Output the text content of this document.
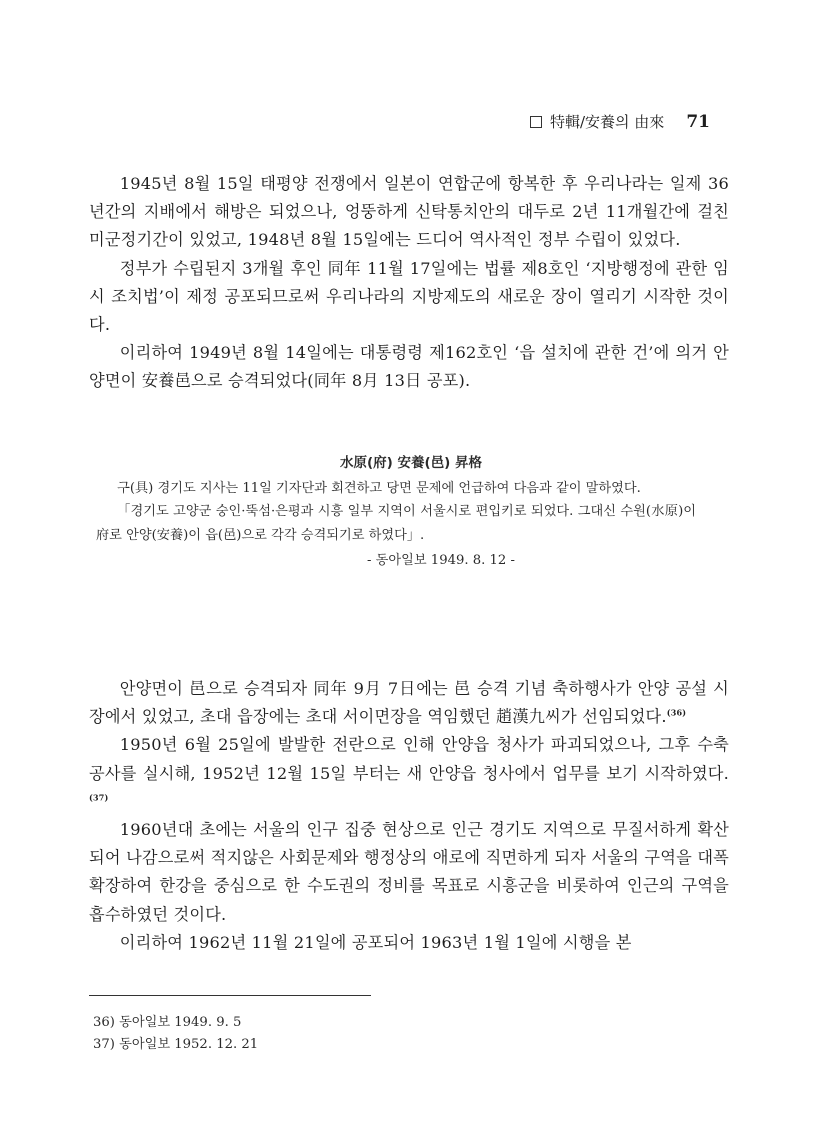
特輯/安養의 由來 71

1945년 8월 15일 태평양 전쟁에서 일본이 연합군에 항복한 후 우리나라는 일제 36년간의 지배에서 해방은 되었으나, 엉뚱하게 신탁통치안의 대두로 2년 11개월간에 걸친 미군정기간이 있었고, 1948년 8월 15일에는 드디어 역사적인 정부 수립이 있었다.

정부가 수립된지 3개월 후인 同年 11월 17일에는 법률 제8호인 ‘지방행정에 관한 임시 조치법’이 제정 공포되므로써 우리나라의 지방제도의 새로운 장이 열리기 시작한 것이다.

이리하여 1949년 8월 14일에는 대통령령 제162호인 ‘읍 설치에 관한 건’에 의거 안양면이 安養邑으로 승격되었다(同年 8月 13日 공포).

水原(府) 安養(邑) 昇格

구(具) 경기도 지사는 11일 기자단과 회견하고 당면 문제에 언급하여 다음과 같이 말하였다.

「경기도 고양군 숭인·뚝섬·은평과 시흥 일부 지역이 서울시로 편입키로 되었다. 그대신 수원(水原)이 府로 안양(安養)이 읍(邑)으로 각각 승격되기로 하였다」.

- 동아일보 1949. 8. 12 -

안양면이 邑으로 승격되자 同年 9月 7日에는 邑 승격 기념 축하행사가 안양 공설 시장에서 있었고, 초대 읍장에는 초대 서이면장을 역임했던 趙漢九씨가 선임되었다.$^{(36)}$

1950년 6월 25일에 발발한 전란으로 인해 안양읍 청사가 파괴되었으나, 그후 수축 공사를 실시해, 1952년 12월 15일 부터는 새 안양읍 청사에서 업무를 보기 시작하였다.$^{(37)}$

1960년대 초에는 서울의 인구 집중 현상으로 인근 경기도 지역으로 무질서하게 확산되어 나감으로써 적지않은 사회문제와 행정상의 애로에 직면하게 되자 서울의 구역을 대폭 확장하여 한강을 중심으로 한 수도권의 정비를 목표로 시흥군을 비롯하여 인근의 구역을 흡수하였던 것이다.

이리하여 1962년 11월 21일에 공포되어 1963년 1월 1일에 시행을 본

36) 동아일보 1949. 9. 5
37) 동아일보 1952. 12. 21
